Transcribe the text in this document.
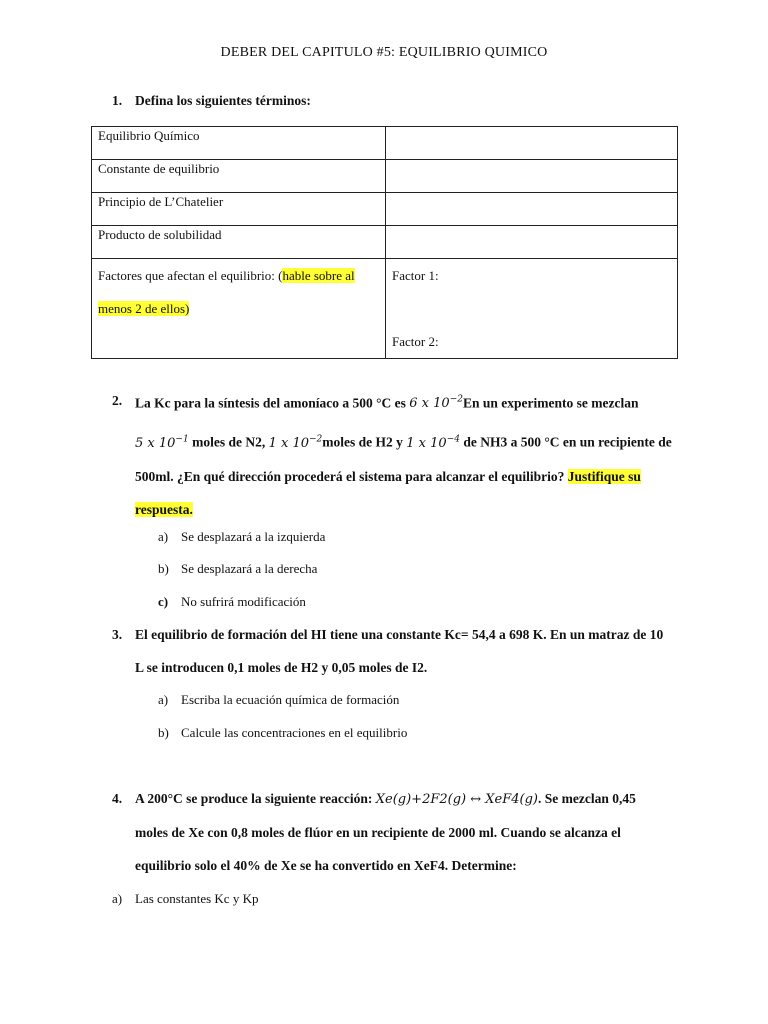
DEBER DEL CAPITULO #5: EQUILIBRIO QUIMICO
1. Defina los siguientes términos:
Equilibrio Químico	
Constante de equilibrio	
Principio de L’Chatelier	
Producto de solubilidad	
Factores que afectan el equilibrio: (hable sobre al
menos 2 de ellos)	Factor 1:

Factor 2:
2. La Kc para la síntesis del amoníaco a 500 °C es 6 x $10^{-2}En$ un experimento se mezclan
5 x $10^{-1}$ moles de N2, 1 x $10^{-2}moles$ de H2 y 1 x $10^{-4}$ de NH3 a 500 °C en un recipiente de
500ml. ¿En qué dirección procederá el sistema para alcanzar el equilibrio? Justifique su
respuesta.
a) Se desplazará a la izquierda
b) Se desplazará a la derecha
c) No sufrirá modificación
3. El equilibrio de formación del HI tiene una constante Kc= 54,4 a 698 K. En un matraz de 10
L se introducen 0,1 moles de H2 y 0,05 moles de I2.
a) Escriba la ecuación química de formación
b) Calcule las concentraciones en el equilibrio
4. A 200°C se produce la siguiente reacción: Xe(g)+2F2(g) ↔ XeF4(g). Se mezclan 0,45
moles de Xe con 0,8 moles de flúor en un recipiente de 2000 ml. Cuando se alcanza el
equilibrio solo el 40% de Xe se ha convertido en XeF4. Determine:
a) Las constantes Kc y Kp
